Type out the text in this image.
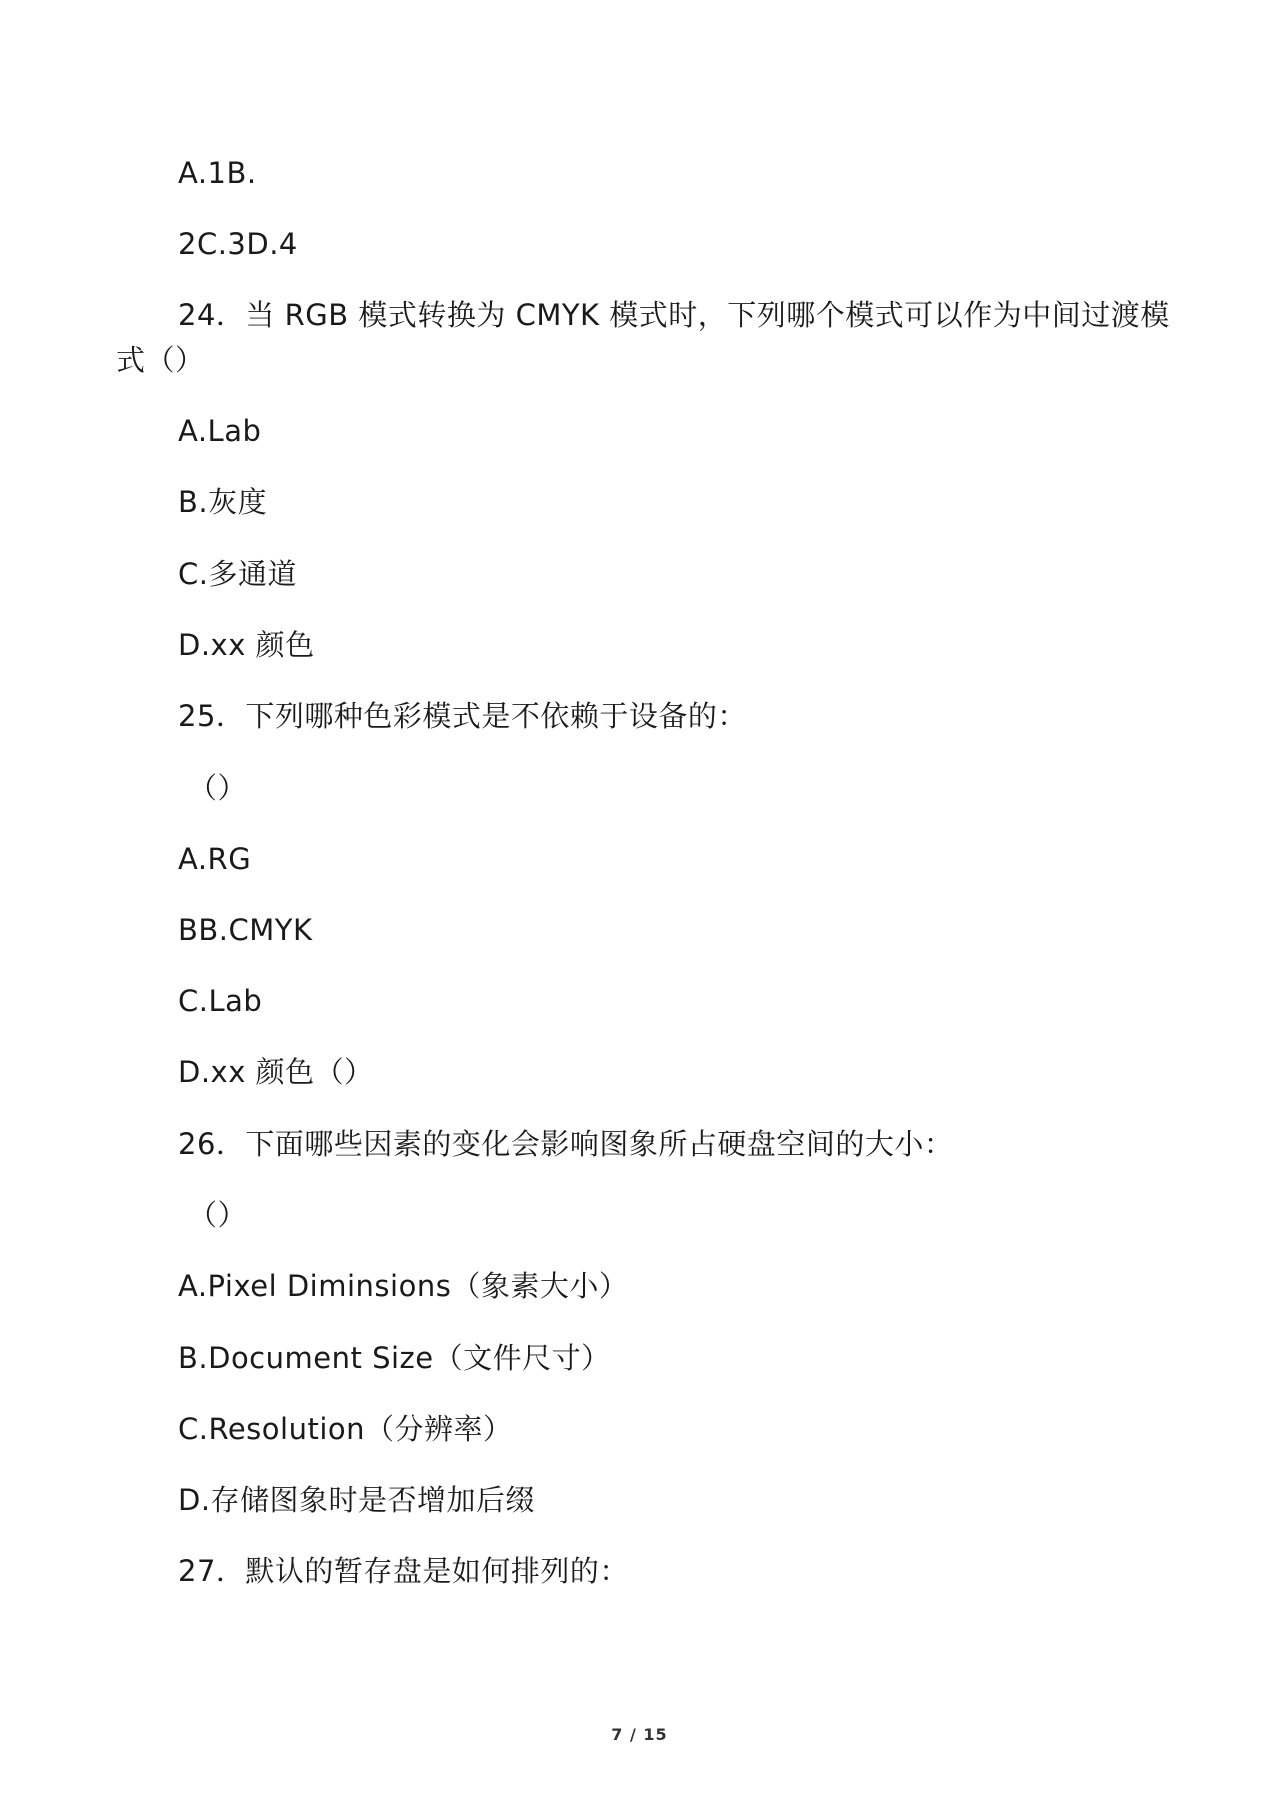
A.1B.
2C.3D.4
24．当 RGB 模式转换为 CMYK 模式时，下列哪个模式可以作为中间过渡模
式（）
A.Lab
B.灰度
C.多通道
D.xx 颜色
25．下列哪种色彩模式是不依赖于设备的：
（）
A.RG
BB.CMYK
C.Lab
D.xx 颜色（）
26．下面哪些因素的变化会影响图象所占硬盘空间的大小：
（）
A.Pixel Diminsions（象素大小）
B.Document Size（文件尺寸）
C.Resolution（分辨率）
D.存储图象时是否增加后缀
27．默认的暂存盘是如何排列的：
7 / 15
